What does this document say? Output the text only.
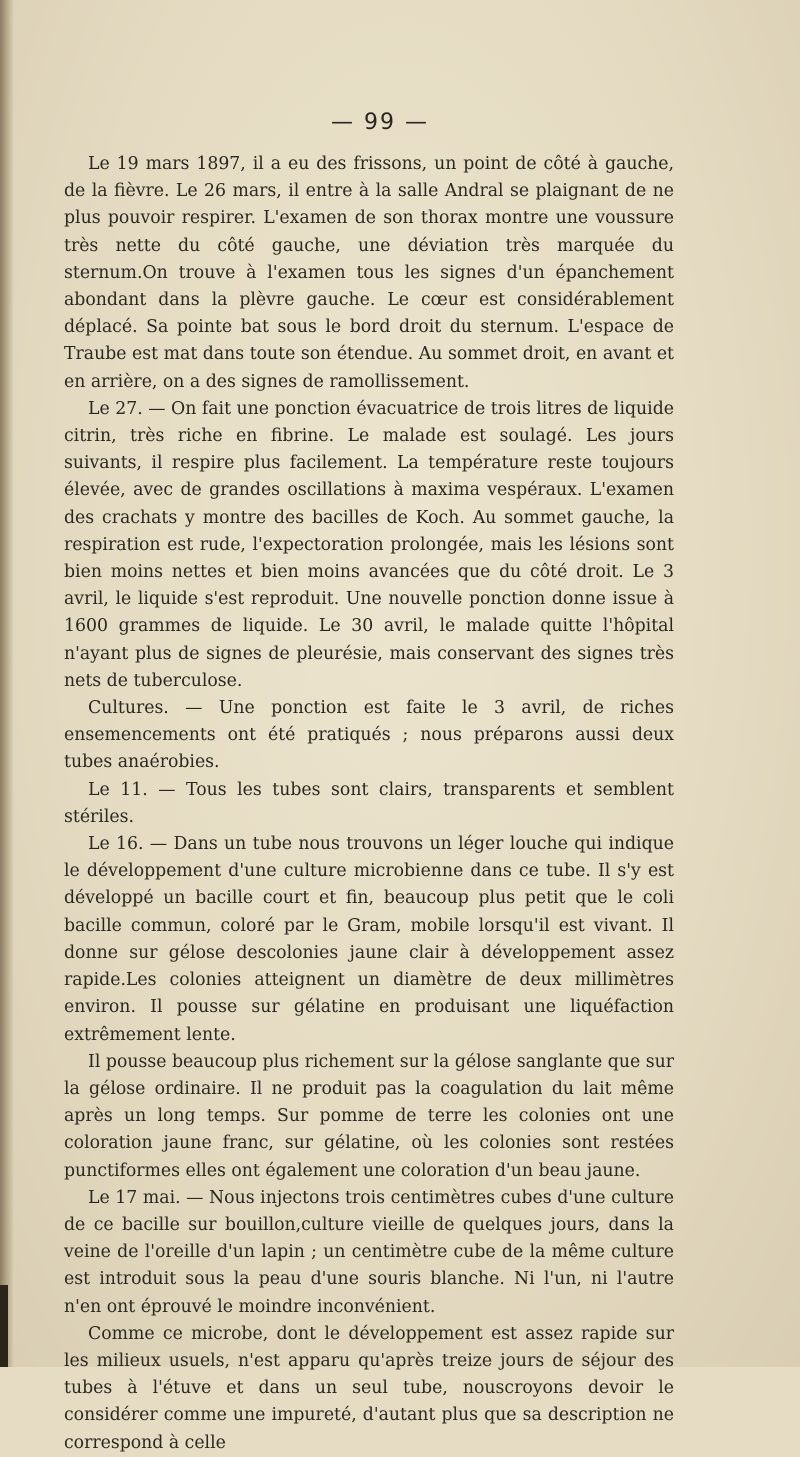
— 99 —

Le 19 mars 1897, il a eu des frissons, un point de côté à gauche, de la fièvre. Le 26 mars, il entre à la salle Andral se plaignant de ne plus pouvoir respirer. L'examen de son thorax montre une voussure très nette du côté gauche, une déviation très marquée du sternum.On trouve à l'examen tous les signes d'un épanchement abondant dans la plèvre gauche. Le cœur est considérablement déplacé. Sa pointe bat sous le bord droit du sternum. L'espace de Traube est mat dans toute son étendue. Au sommet droit, en avant et en arrière, on a des signes de ramollissement.

Le 27. — On fait une ponction évacuatrice de trois litres de liquide citrin, très riche en fibrine. Le malade est soulagé. Les jours suivants, il respire plus facilement. La température reste toujours élevée, avec de grandes oscillations à maxima vespéraux. L'examen des crachats y montre des bacilles de Koch. Au sommet gauche, la respiration est rude, l'expectoration prolongée, mais les lésions sont bien moins nettes et bien moins avancées que du côté droit. Le 3 avril, le liquide s'est reproduit. Une nouvelle ponction donne issue à 1600 grammes de liquide. Le 30 avril, le malade quitte l'hôpital n'ayant plus de signes de pleurésie, mais conservant des signes très nets de tuberculose.

Cultures. — Une ponction est faite le 3 avril, de riches ensemencements ont été pratiqués ; nous préparons aussi deux tubes anaérobies.

Le 11. — Tous les tubes sont clairs, transparents et semblent stériles.

Le 16. — Dans un tube nous trouvons un léger louche qui indique le développement d'une culture microbienne dans ce tube. Il s'y est développé un bacille court et fin, beaucoup plus petit que le coli bacille commun, coloré par le Gram, mobile lorsqu'il est vivant. Il donne sur gélose descolonies jaune clair à développement assez rapide.Les colonies atteignent un diamètre de deux millimètres environ. Il pousse sur gélatine en produisant une liquéfaction extrêmement lente.

Il pousse beaucoup plus richement sur la gélose sanglante que sur la gélose ordinaire. Il ne produit pas la coagulation du lait même après un long temps. Sur pomme de terre les colonies ont une coloration jaune franc, sur gélatine, où les colonies sont restées punctiformes elles ont également une coloration d'un beau jaune.

Le 17 mai. — Nous injectons trois centimètres cubes d'une culture de ce bacille sur bouillon,culture vieille de quelques jours, dans la veine de l'oreille d'un lapin ; un centimètre cube de la même culture est introduit sous la peau d'une souris blanche. Ni l'un, ni l'autre n'en ont éprouvé le moindre inconvénient.

Comme ce microbe, dont le développement est assez rapide sur les milieux usuels, n'est apparu qu'après treize jours de séjour des tubes à l'étuve et dans un seul tube, nouscroyons devoir le considérer comme une impureté, d'autant plus que sa description ne correspond à celle
